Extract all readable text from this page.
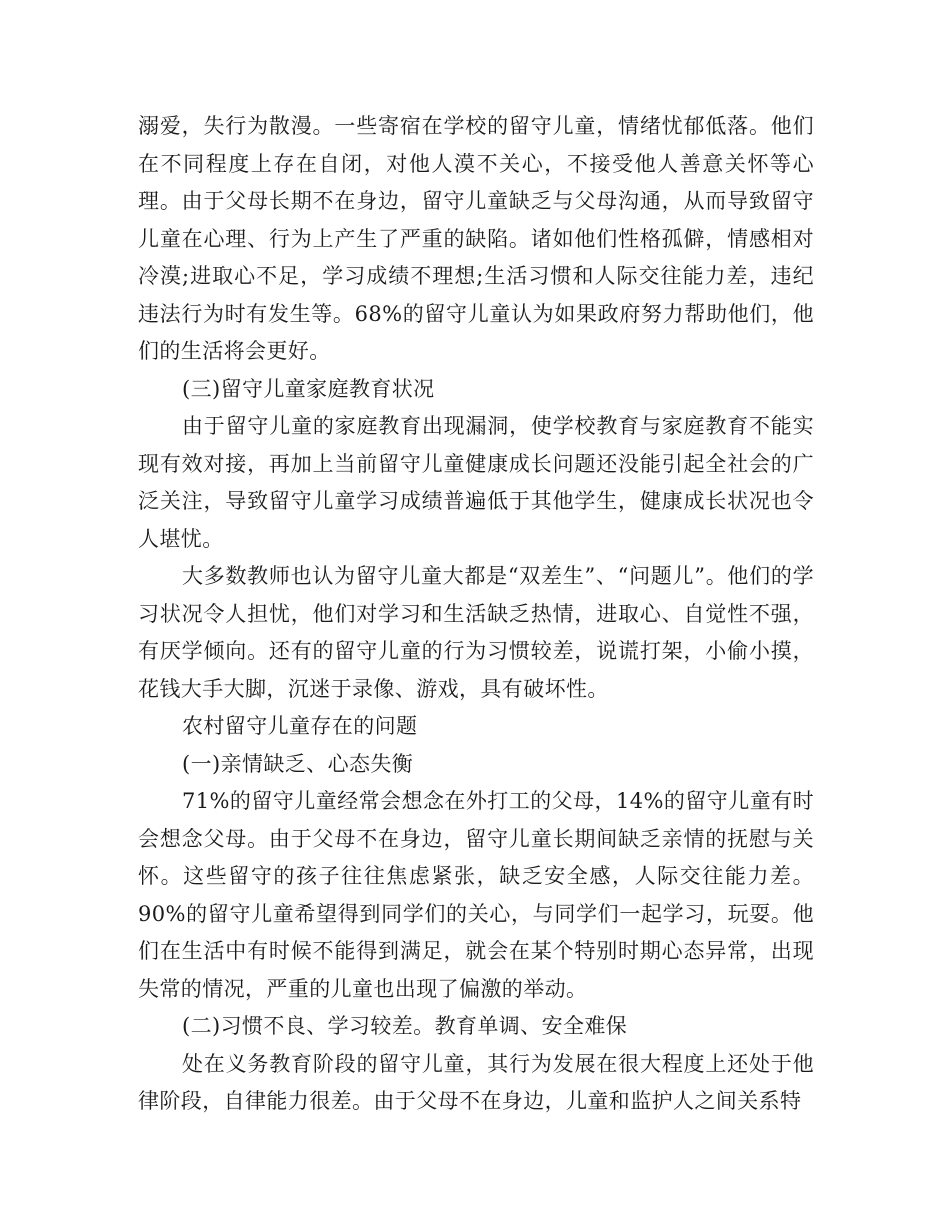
溺爱，失行为散漫。一些寄宿在学校的留守儿童，情绪忧郁低落。他们在不同程度上存在自闭，对他人漠不关心，不接受他人善意关怀等心理。由于父母长期不在身边，留守儿童缺乏与父母沟通，从而导致留守儿童在心理、行为上产生了严重的缺陷。诸如他们性格孤僻，情感相对冷漠;进取心不足，学习成绩不理想;生活习惯和人际交往能力差，违纪违法行为时有发生等。68%的留守儿童认为如果政府努力帮助他们，他们的生活将会更好。

(三)留守儿童家庭教育状况

由于留守儿童的家庭教育出现漏洞，使学校教育与家庭教育不能实现有效对接，再加上当前留守儿童健康成长问题还没能引起全社会的广泛关注，导致留守儿童学习成绩普遍低于其他学生，健康成长状况也令人堪忧。

大多数教师也认为留守儿童大都是“双差生”、“问题儿”。他们的学习状况令人担忧，他们对学习和生活缺乏热情，进取心、自觉性不强，有厌学倾向。还有的留守儿童的行为习惯较差，说谎打架，小偷小摸，花钱大手大脚，沉迷于录像、游戏，具有破坏性。

农村留守儿童存在的问题

(一)亲情缺乏、心态失衡

71%的留守儿童经常会想念在外打工的父母，14%的留守儿童有时会想念父母。由于父母不在身边，留守儿童长期间缺乏亲情的抚慰与关怀。这些留守的孩子往往焦虑紧张，缺乏安全感，人际交往能力差。90%的留守儿童希望得到同学们的关心，与同学们一起学习，玩耍。他们在生活中有时候不能得到满足，就会在某个特别时期心态异常，出现失常的情况，严重的儿童也出现了偏激的举动。

(二)习惯不良、学习较差。教育单调、安全难保

处在义务教育阶段的留守儿童，其行为发展在很大程度上还处于他律阶段，自律能力很差。由于父母不在身边，儿童和监护人之间关系特
